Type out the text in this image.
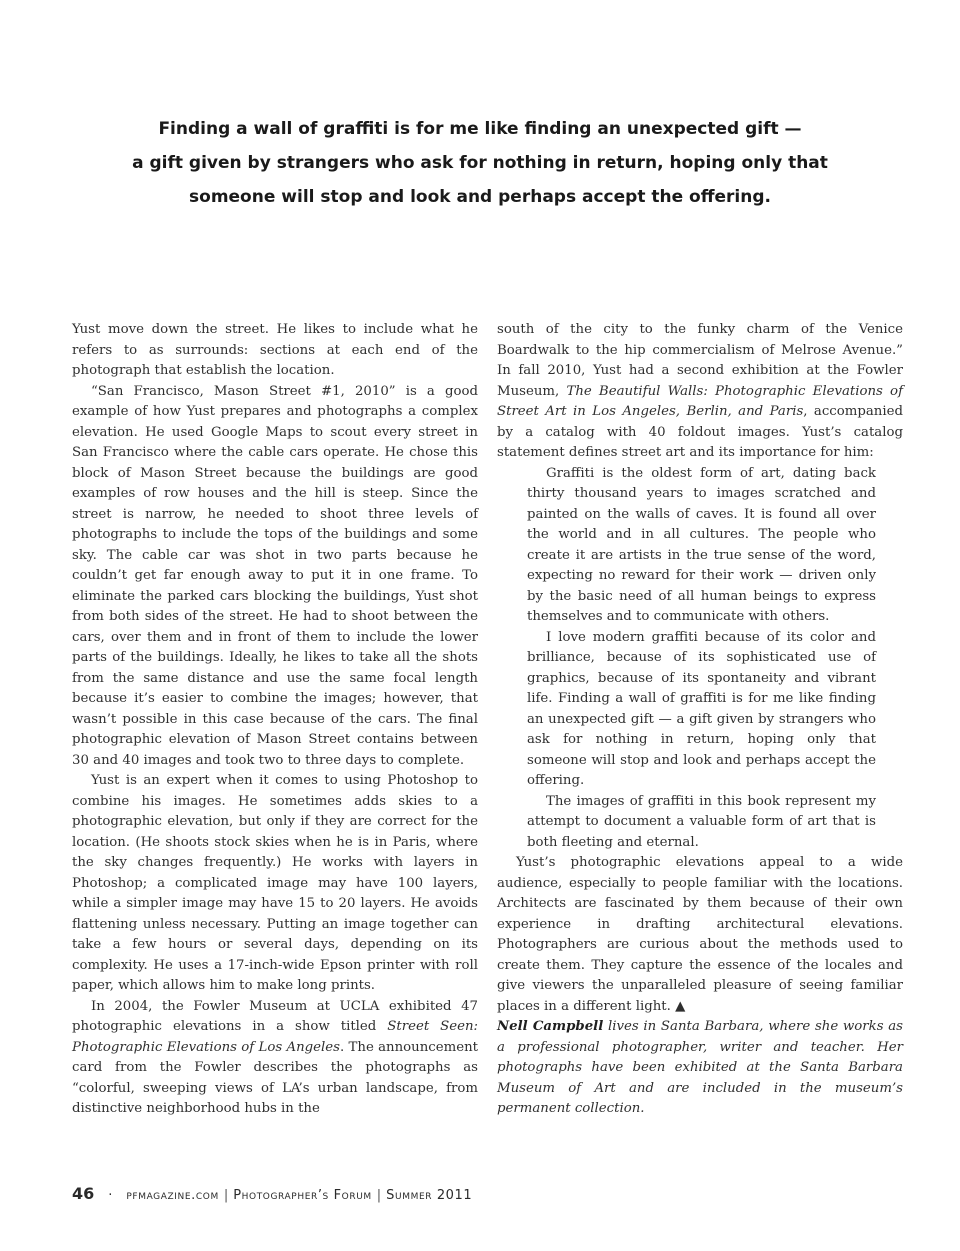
Finding a wall of graffiti is for me like finding an unexpected gift —
a gift given by strangers who ask for nothing in return, hoping only that
someone will stop and look and perhaps accept the offering.

Yust move down the street. He likes to include what he refers to as surrounds: sections at each end of the photograph that establish the location.

“San Francisco, Mason Street #1, 2010” is a good example of how Yust prepares and photographs a complex elevation. He used Google Maps to scout every street in San Francisco where the cable cars operate. He chose this block of Mason Street because the buildings are good examples of row houses and the hill is steep. Since the street is narrow, he needed to shoot three levels of photographs to include the tops of the buildings and some sky. The cable car was shot in two parts because he couldn’t get far enough away to put it in one frame. To eliminate the parked cars blocking the buildings, Yust shot from both sides of the street. He had to shoot between the cars, over them and in front of them to include the lower parts of the buildings. Ideally, he likes to take all the shots from the same distance and use the same focal length because it’s easier to combine the images; however, that wasn’t possible in this case because of the cars. The final photographic elevation of Mason Street contains between 30 and 40 images and took two to three days to complete.

Yust is an expert when it comes to using Photoshop to combine his images. He sometimes adds skies to a photographic elevation, but only if they are correct for the location. (He shoots stock skies when he is in Paris, where the sky changes frequently.) He works with layers in Photoshop; a complicated image may have 100 layers, while a simpler image may have 15 to 20 layers. He avoids flattening unless necessary. Putting an image together can take a few hours or several days, depending on its complexity. He uses a 17-inch-wide Epson printer with roll paper, which allows him to make long prints.

In 2004, the Fowler Museum at UCLA exhibited 47 photographic elevations in a show titled Street Seen: Photographic Elevations of Los Angeles. The announcement card from the Fowler describes the photographs as “colorful, sweeping views of LA’s urban landscape, from distinctive neighborhood hubs in the

south of the city to the funky charm of the Venice Boardwalk to the hip commercialism of Melrose Avenue.” In fall 2010, Yust had a second exhibition at the Fowler Museum, The Beautiful Walls: Photographic Elevations of Street Art in Los Angeles, Berlin, and Paris, accompanied by a catalog with 40 foldout images. Yust’s catalog statement defines street art and its importance for him:

Graffiti is the oldest form of art, dating back thirty thousand years to images scratched and painted on the walls of caves. It is found all over the world and in all cultures. The people who create it are artists in the true sense of the word, expecting no reward for their work — driven only by the basic need of all human beings to express themselves and to communicate with others.

I love modern graffiti because of its color and brilliance, because of its sophisticated use of graphics, because of its spontaneity and vibrant life. Finding a wall of graffiti is for me like finding an unexpected gift — a gift given by strangers who ask for nothing in return, hoping only that someone will stop and look and perhaps accept the offering.

The images of graffiti in this book represent my attempt to document a valuable form of art that is both fleeting and eternal.

Yust’s photographic elevations appeal to a wide audience, especially to people familiar with the locations. Architects are fascinated by them because of their own experience in drafting architectural elevations. Photographers are curious about the methods used to create them. They capture the essence of the locales and give viewers the unparalleled pleasure of seeing familiar places in a different light. ▲

Nell Campbell lives in Santa Barbara, where she works as a professional photographer, writer and teacher. Her photographs have been exhibited at the Santa Barbara Museum of Art and are included in the museum’s permanent collection.

46 · pfmagazine.com | Photographer’s Forum | Summer 2011
